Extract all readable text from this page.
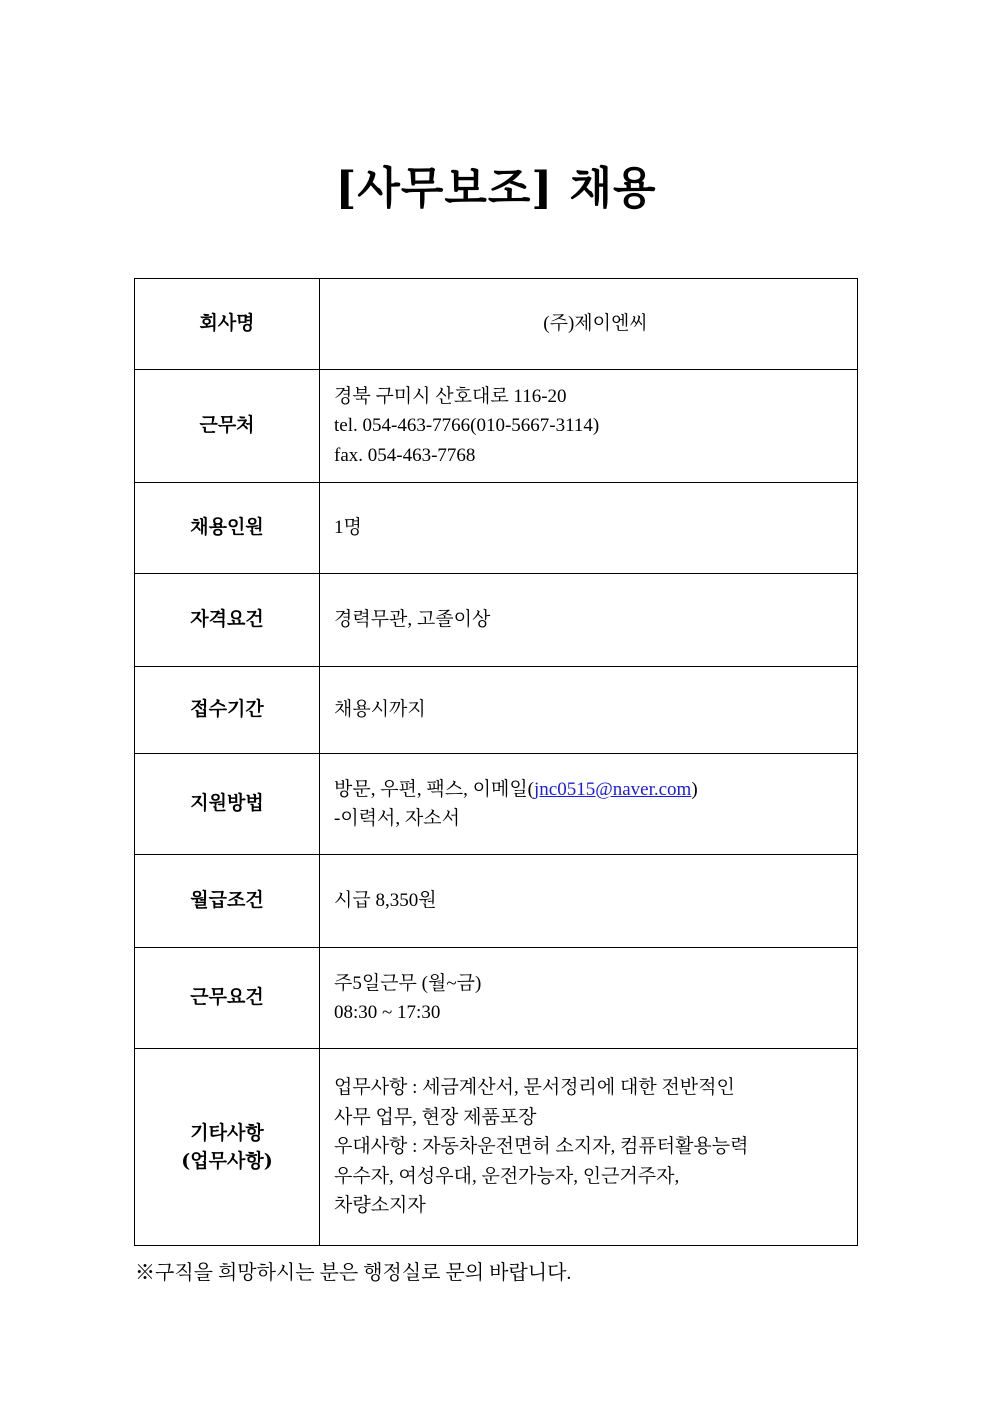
[사무보조] 채용
회사명	(주)제이엔씨

근무처	경북 구미시 산호대로 116-20
tel. 054-463-7766(010-5667-3114)
fax. 054-463-7768

채용인원	1명

자격요건	경력무관, 고졸이상

접수기간	채용시까지

지원방법	방문, 우편, 팩스, 이메일(jnc0515@naver.com)
-이력서, 자소서

월급조건	시급 8,350원

근무요건	주5일근무 (월~금)
08:30 ~ 17:30

기타사항
(업무사항)	업무사항 : 세금계산서, 문서정리에 대한 전반적인
사무 업무, 현장 제품포장
우대사항 : 자동차운전면허 소지자, 컴퓨터활용능력
우수자, 여성우대, 운전가능자, 인근거주자,
차량소지자
※구직을 희망하시는 분은 행정실로 문의 바랍니다.
